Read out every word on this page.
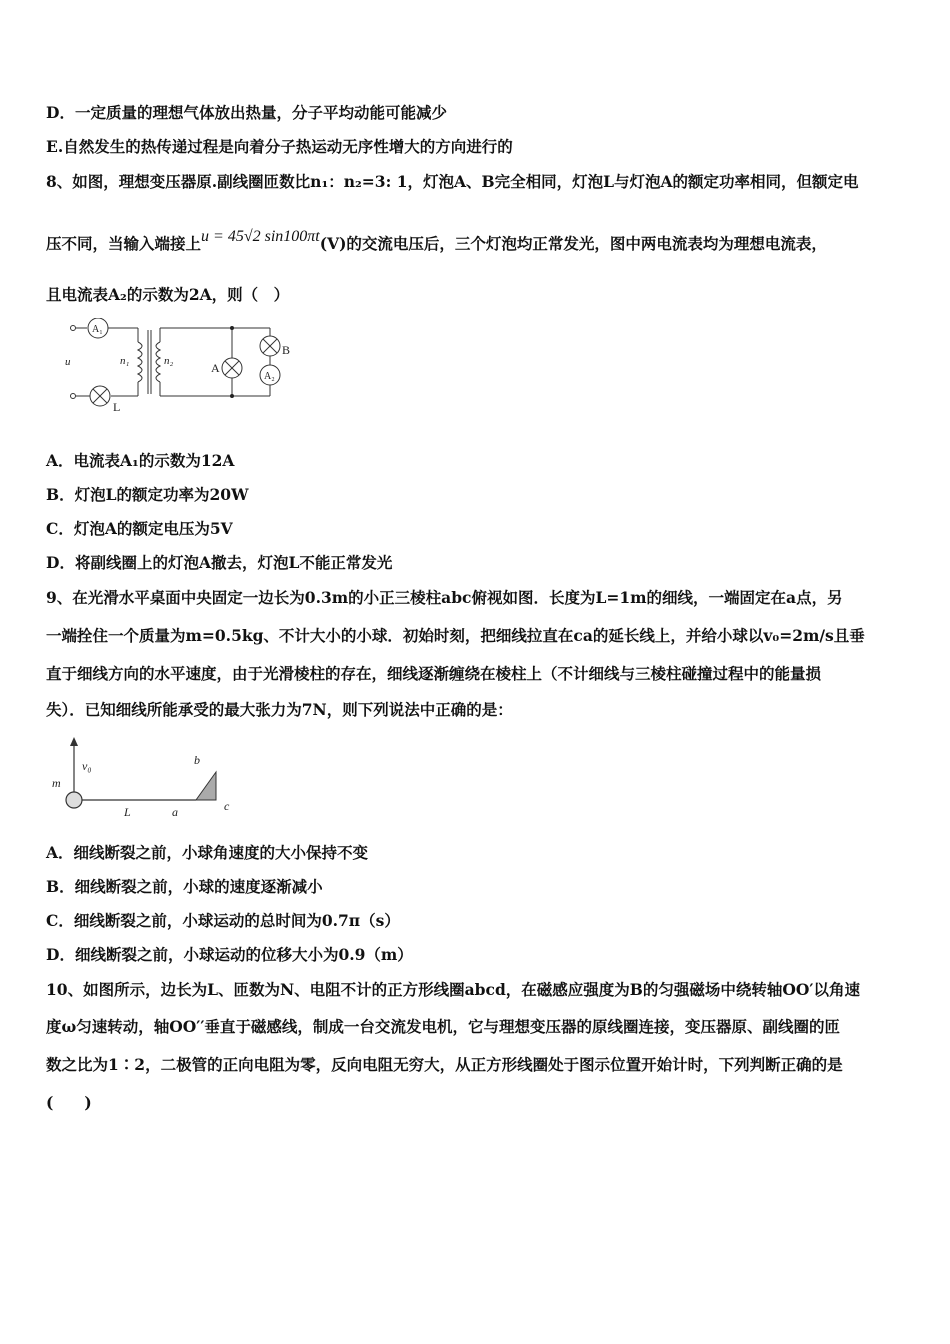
D．一定质量的理想气体放出热量，分子平均动能可能减少
E.自然发生的热传递过程是向着分子热运动无序性增大的方向进行的
8、如图，理想变压器原.副线圈匝数比n₁：n₂=3: 1，灯泡A、B完全相同，灯泡L与灯泡A的额定功率相同，但额定电
压不同，当输入端接上u = 45√2 sin100πt(V)的交流电压后，三个灯泡均正常发光，图中两电流表均为理想电流表，
且电流表A₂的示数为2A，则（　）
A₁
A₂
u	n₁	n₂	A
B
L
A．电流表A₁的示数为12A
B．灯泡L的额定功率为20W
C．灯泡A的额定电压为5V
D．将副线圈上的灯泡A撤去，灯泡L不能正常发光
9、在光滑水平桌面中央固定一边长为0.3m的小正三棱柱abc俯视如图．长度为L=1m的细线，一端固定在a点，另
一端拴住一个质量为m=0.5kg、不计大小的小球．初始时刻，把细线拉直在ca的延长线上，并给小球以v₀=2m/s且垂
直于细线方向的水平速度，由于光滑棱柱的存在，细线逐渐缠绕在棱柱上（不计细线与三棱柱碰撞过程中的能量损
失）．已知细线所能承受的最大张力为7N，则下列说法中正确的是：
v₀
m
L	a
b
c
A．细线断裂之前，小球角速度的大小保持不变
B．细线断裂之前，小球的速度逐渐减小
C．细线断裂之前，小球运动的总时间为0.7π（s）
D．细线断裂之前，小球运动的位移大小为0.9（m）
10、如图所示，边长为L、匝数为N、电阻不计的正方形线圈abcd，在磁感应强度为B的匀强磁场中绕转轴OO′以角速
度ω匀速转动，轴OO′′垂直于磁感线，制成一台交流发电机，它与理想变压器的原线圈连接，变压器原、副线圈的匝
数之比为1∶2，二极管的正向电阻为零，反向电阻无穷大，从正方形线圈处于图示位置开始计时，下列判断正确的是
(　　)
